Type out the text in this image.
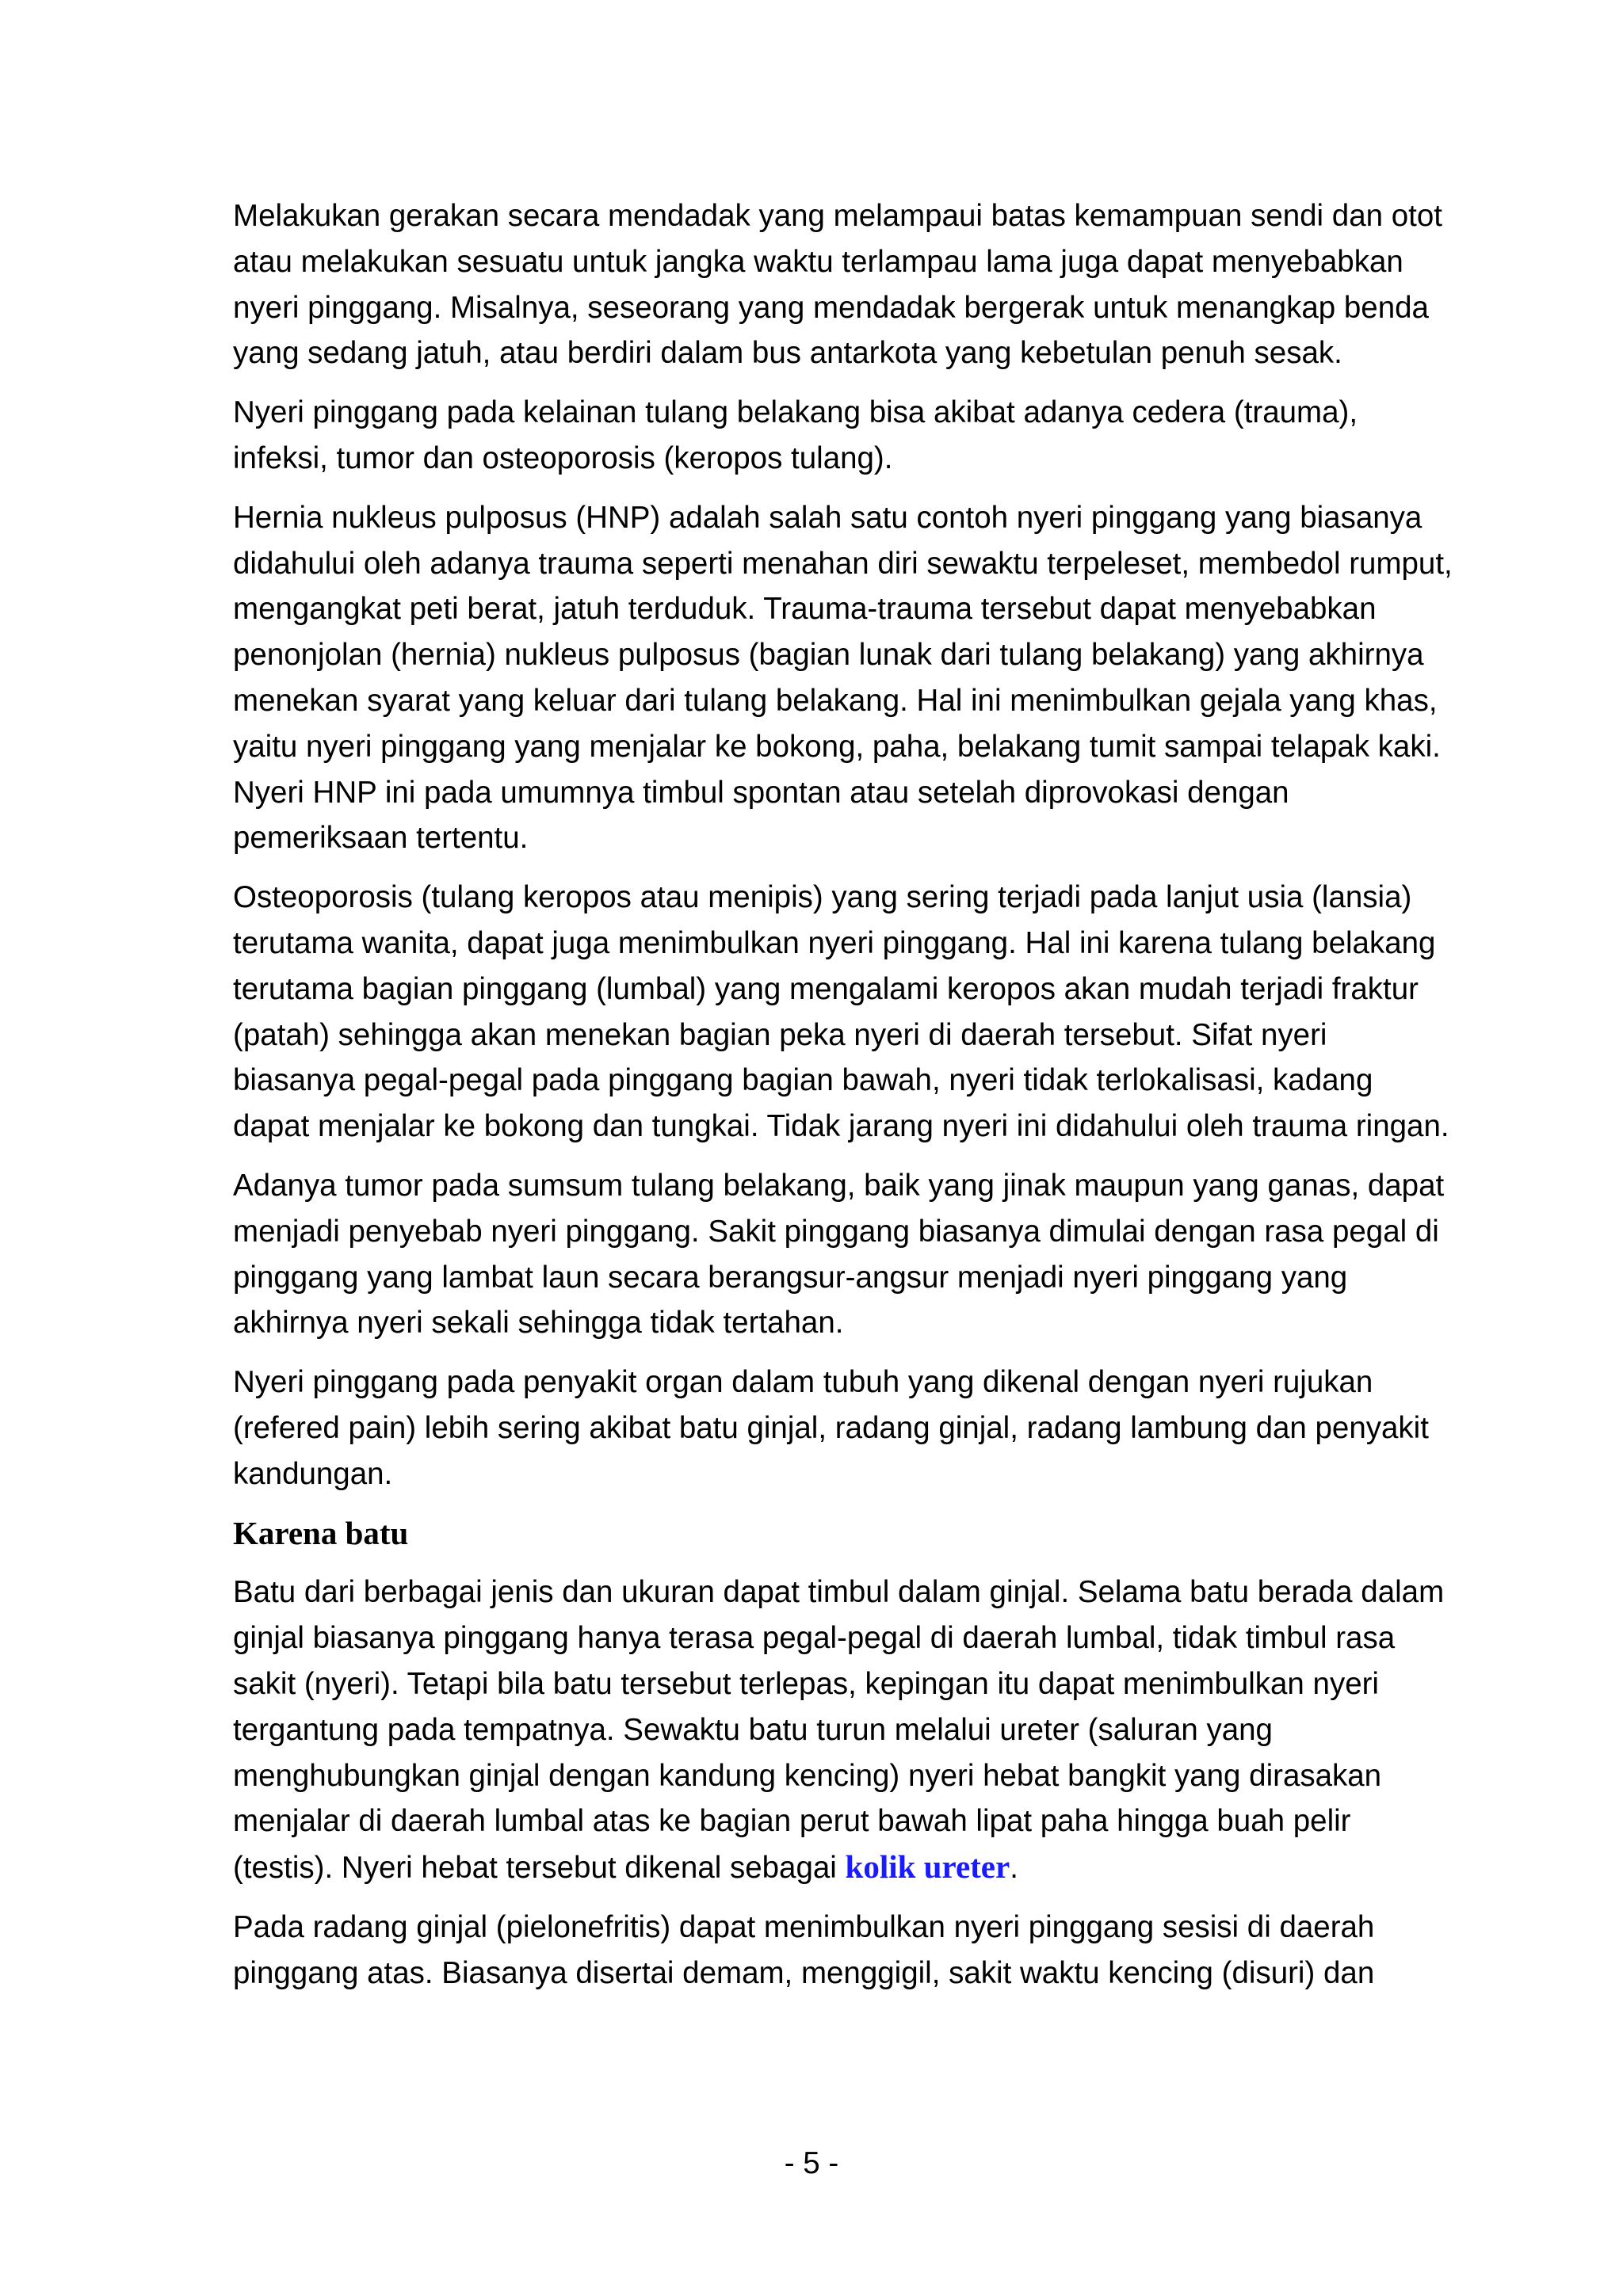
Melakukan gerakan secara mendadak yang melampaui batas kemampuan sendi dan otot atau melakukan sesuatu untuk jangka waktu terlampau lama juga dapat menyebabkan nyeri pinggang. Misalnya, seseorang yang mendadak bergerak untuk menangkap benda yang sedang jatuh, atau berdiri dalam bus antarkota yang kebetulan penuh sesak.

Nyeri pinggang pada kelainan tulang belakang bisa akibat adanya cedera (trauma), infeksi, tumor dan osteoporosis (keropos tulang).

Hernia nukleus pulposus (HNP) adalah salah satu contoh nyeri pinggang yang biasanya didahului oleh adanya trauma seperti menahan diri sewaktu terpeleset, membedol rumput, mengangkat peti berat, jatuh terduduk. Trauma-trauma tersebut dapat menyebabkan penonjolan (hernia) nukleus pulposus (bagian lunak dari tulang belakang) yang akhirnya menekan syarat yang keluar dari tulang belakang. Hal ini menimbulkan gejala yang khas, yaitu nyeri pinggang yang menjalar ke bokong, paha, belakang tumit sampai telapak kaki. Nyeri HNP ini pada umumnya timbul spontan atau setelah diprovokasi dengan pemeriksaan tertentu.

Osteoporosis (tulang keropos atau menipis) yang sering terjadi pada lanjut usia (lansia) terutama wanita, dapat juga menimbulkan nyeri pinggang. Hal ini karena tulang belakang terutama bagian pinggang (lumbal) yang mengalami keropos akan mudah terjadi fraktur (patah) sehingga akan menekan bagian peka nyeri di daerah tersebut. Sifat nyeri biasanya pegal-pegal pada pinggang bagian bawah, nyeri tidak terlokalisasi, kadang dapat menjalar ke bokong dan tungkai. Tidak jarang nyeri ini didahului oleh trauma ringan.

Adanya tumor pada sumsum tulang belakang, baik yang jinak maupun yang ganas, dapat menjadi penyebab nyeri pinggang. Sakit pinggang biasanya dimulai dengan rasa pegal di pinggang yang lambat laun secara berangsur-angsur menjadi nyeri pinggang yang akhirnya nyeri sekali sehingga tidak tertahan.

Nyeri pinggang pada penyakit organ dalam tubuh yang dikenal dengan nyeri rujukan (refered pain) lebih sering akibat batu ginjal, radang ginjal, radang lambung dan penyakit kandungan.

Karena batu

Batu dari berbagai jenis dan ukuran dapat timbul dalam ginjal. Selama batu berada dalam ginjal biasanya pinggang hanya terasa pegal-pegal di daerah lumbal, tidak timbul rasa sakit (nyeri). Tetapi bila batu tersebut terlepas, kepingan itu dapat menimbulkan nyeri tergantung pada tempatnya. Sewaktu batu turun melalui ureter (saluran yang menghubungkan ginjal dengan kandung kencing) nyeri hebat bangkit yang dirasakan menjalar di daerah lumbal atas ke bagian perut bawah lipat paha hingga buah pelir (testis). Nyeri hebat tersebut dikenal sebagai kolik ureter.

Pada radang ginjal (pielonefritis) dapat menimbulkan nyeri pinggang sesisi di daerah pinggang atas. Biasanya disertai demam, menggigil, sakit waktu kencing (disuri) dan

- 5 -
